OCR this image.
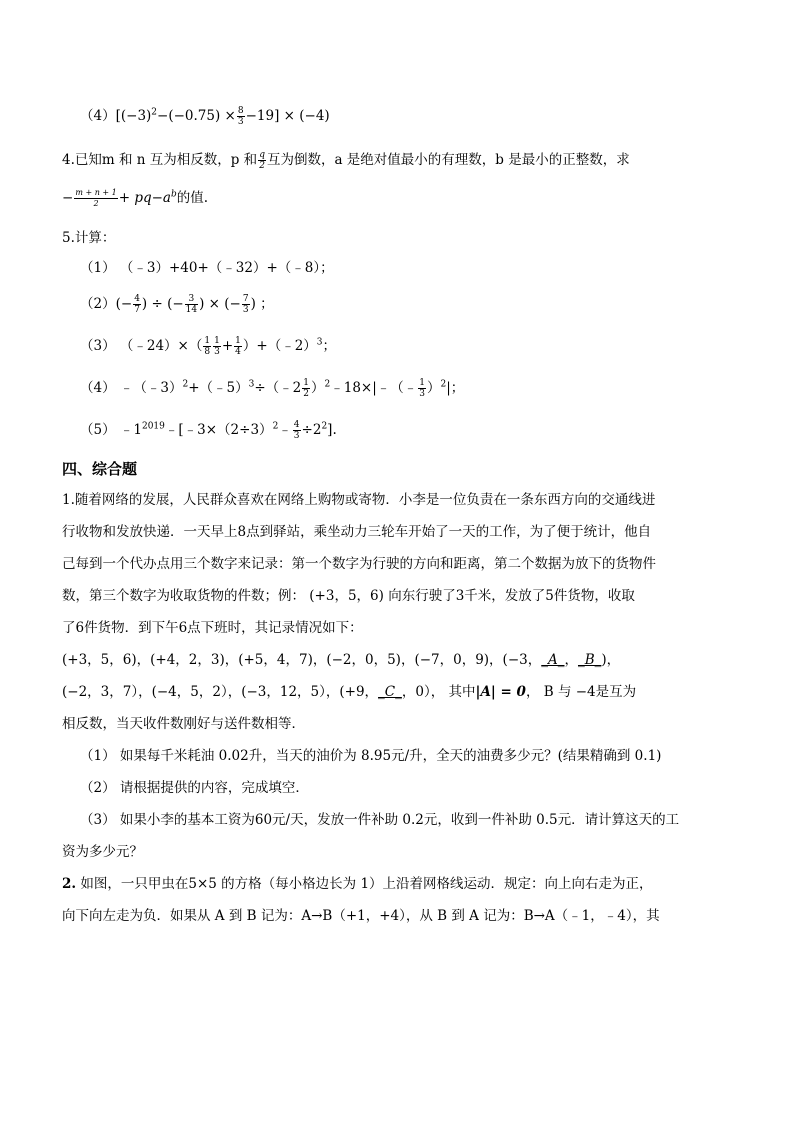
$(4)[(-3)^2-(-0.75) \times \frac{8}{3} -19] \times (-4)$
4.已知m 和 n 互为相反数，p 和 $\frac{q}{2}$ 互为倒数，a 是绝对值最小的有理数，b 是最小的正整数，求
− $\frac{m + n + 1}{2} + pq-a^b$的值.
5.计算：
（1） （﹣3）+40+（﹣32）+（﹣8）；
$(2)(- \frac{4}{7}$ ) ÷ (− $\frac{3}{14}$ ) × (− $\frac{7}{3}$ ) ；
（3） （﹣24）×（ $\frac{1}{8} \frac{1}{3} + \frac{1}{4}$ ）+（﹣2）$^3$；
（4） ﹣（﹣3）$^2$+（﹣5）$^3$÷（﹣2 $\frac{1}{2}$ ）$^2$﹣18×|﹣（﹣ $\frac{1}{3} )^2|$；
（5） $﹣1^{2019}﹣[﹣3\times(2\div 3)^2﹣ \frac{4}{3} \div 2^2]$.
四、综合题
1.随着网络的发展，人民群众喜欢在网络上购物或寄物．小李是一位负责在一条东西方向的交通线进
行收物和发放快递．一天早上8点到驿站，乘坐动力三轮车开始了一天的工作，为了便于统计，他自
己每到一个代办点用三个数字来记录：第一个数字为行驶的方向和距离，第二个数据为放下的货物件
数，第三个数字为收取货物的件数；例： (+3，5，6) 向东行驶了3千米，发放了5件货物，收取
了6件货物．到下午6点下班时，其记录情况如下：
(+3，5，6)，(+4，2，3)，(+5，4，7)，(−2，0，5)，(−7，0，9)，(−3，_A_，_B_)，
(−2，3，7），(−4，5，2），(−3，12，5），(+9，_C_，0）， 其中|A| = 0， B 与 −4是互为
相反数，当天收件数刚好与送件数相等．
（1） 如果每千米耗油 0.02升，当天的油价为 8.95元/升，全天的油费多少元？(结果精确到 0.1)
（2） 请根据提供的内容，完成填空．
（3） 如果小李的基本工资为60元/天，发放一件补助 0.2元，收到一件补助 0.5元．请计算这天的工
资为多少元？
2. 如图，一只甲虫在5×5 的方格（每小格边长为 1）上沿着网格线运动．规定：向上向右走为正，
向下向左走为负．如果从 A 到 B 记为：A→B（+1，+4），从 B 到 A 记为：B→A（﹣1，﹣4），其
